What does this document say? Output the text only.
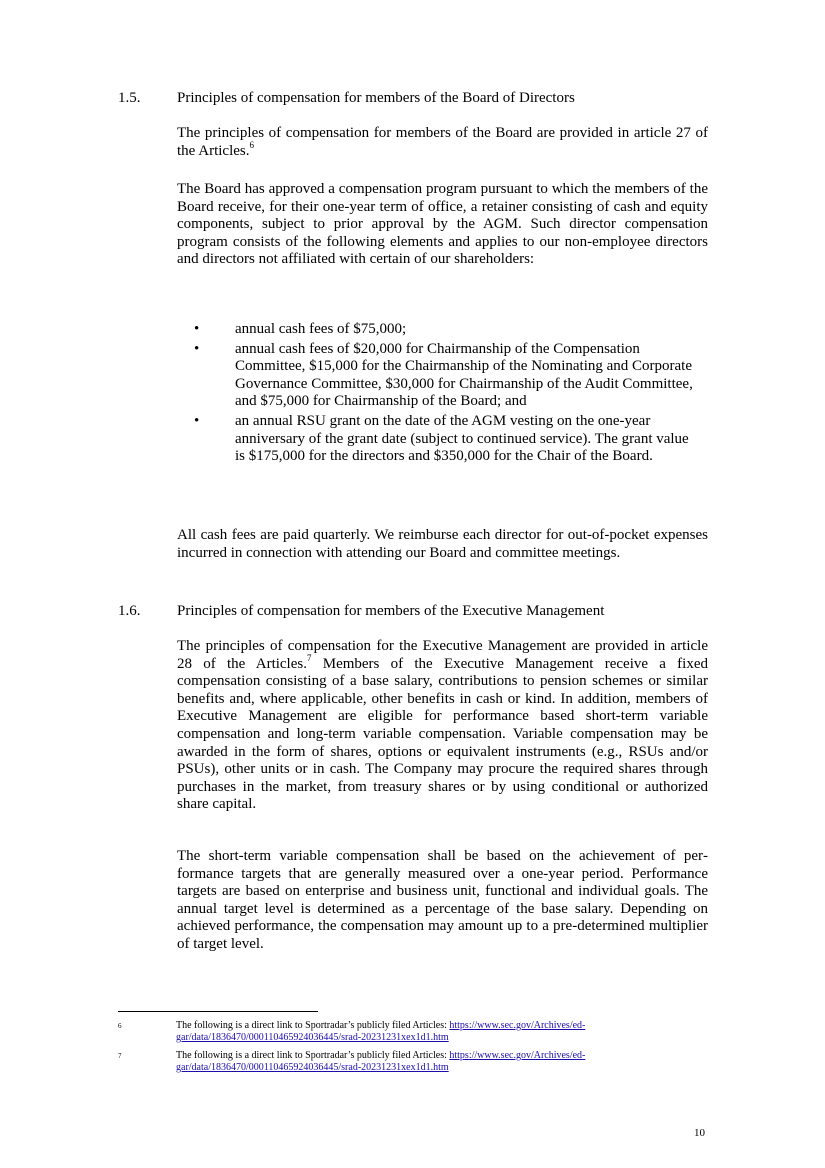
1.5. Principles of compensation for members of the Board of Directors

The principles of compensation for members of the Board are provided in article 27 of the Articles.$^6$

The Board has approved a compensation program pursuant to which the members of the Board receive, for their one-year term of office, a retainer consisting of cash and equity components, subject to prior approval by the AGM. Such director compensation program consists of the following elements and applies to our non-employee directors and directors not affiliated with certain of our shareholders:

• annual cash fees of $75,000;
• annual cash fees of $20,000 for Chairmanship of the Compensation Committee, $15,000 for the Chairmanship of the Nominating and Corporate Governance Committee, $30,000 for Chairmanship of the Audit Committee, and $75,000 for Chairmanship of the Board; and
• an annual RSU grant on the date of the AGM vesting on the one-year anniversary of the grant date (subject to continued service). The grant value is $175,000 for the directors and $350,000 for the Chair of the Board.

All cash fees are paid quarterly. We reimburse each director for out-of-pocket expenses incurred in connection with attending our Board and committee meetings.

1.6. Principles of compensation for members of the Executive Management

The principles of compensation for the Executive Management are provided in article 28 of the Articles.$^7$ Members of the Executive Management receive a fixed compensation consisting of a base salary, contributions to pension schemes or similar benefits and, where applicable, other benefits in cash or kind. In addition, members of Executive Management are eligible for performance based short-term variable compensation and long-term variable compensation. Variable compensation may be awarded in the form of shares, options or equivalent instruments (e.g., RSUs and/or PSUs), other units or in cash. The Company may procure the required shares through purchases in the market, from treasury shares or by using conditional or authorized share capital.

The short-term variable compensation shall be based on the achievement of performance targets that are generally measured over a one-year period. Performance targets are based on enterprise and business unit, functional and individual goals. The annual target level is determined as a percentage of the base salary. Depending on achieved performance, the compensation may amount up to a pre-determined multiplier of target level.

6	The following is a direct link to Sportradar’s publicly filed Articles: https://www.sec.gov/Archives/edgar/data/1836470/000110465924036445/srad-20231231xex1d1.htm
7	The following is a direct link to Sportradar’s publicly filed Articles: https://www.sec.gov/Archives/edgar/data/1836470/000110465924036445/srad-20231231xex1d1.htm
10
